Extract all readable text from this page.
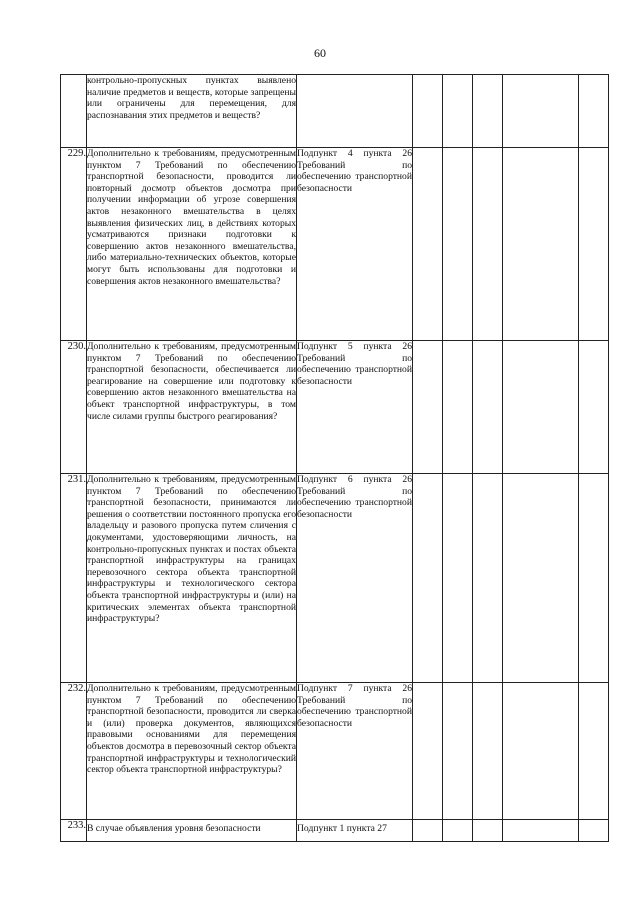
60

	контрольно-пропускных пунктах выявлено наличие предметов и веществ, которые запрещены или ограничены для перемещения, для распознавания этих предметов и веществ?						

229.	Дополнительно к требованиям, предусмотренным пунктом 7 Требований по обеспечению транспортной безопасности, проводится ли повторный досмотр объектов досмотра при получении информации об угрозе совершения актов незаконного вмешательства в целях выявления физических лиц, в действиях которых усматриваются признаки подготовки к совершению актов незаконного вмешательства, либо материально-технических объектов, которые могут быть использованы для подготовки и совершения актов незаконного вмешательства?	Подпункт 4 пункта 26 Требований по обеспечению транспортной безопасности					

230.	Дополнительно к требованиям, предусмотренным пунктом 7 Требований по обеспечению транспортной безопасности, обеспечивается ли реагирование на совершение или подготовку к совершению актов незаконного вмешательства на объект транспортной инфраструктуры, в том числе силами группы быстрого реагирования?	Подпункт 5 пункта 26 Требований по обеспечению транспортной безопасности					

231.	Дополнительно к требованиям, предусмотренным пунктом 7 Требований по обеспечению транспортной безопасности, принимаются ли решения о соответствии постоянного пропуска его владельцу и разового пропуска путем сличения с документами, удостоверяющими личность, на контрольно-пропускных пунктах и постах объекта транспортной инфраструктуры на границах перевозочного сектора объекта транспортной инфраструктуры и технологического сектора объекта транспортной инфраструктуры и (или) на критических элементах объекта транспортной инфраструктуры?	Подпункт 6 пункта 26 Требований по обеспечению транспортной безопасности					

232.	Дополнительно к требованиям, предусмотренным пунктом 7 Требований по обеспечению транспортной безопасности, проводится ли сверка и (или) проверка документов, являющихся правовыми основаниями для перемещения объектов досмотра в перевозочный сектор объекта транспортной инфраструктуры и технологический сектор объекта транспортной инфраструктуры?	Подпункт 7 пункта 26 Требований по обеспечению транспортной безопасности					

233.	В случае объявления уровня безопасности	Подпункт 1 пункта 27					
